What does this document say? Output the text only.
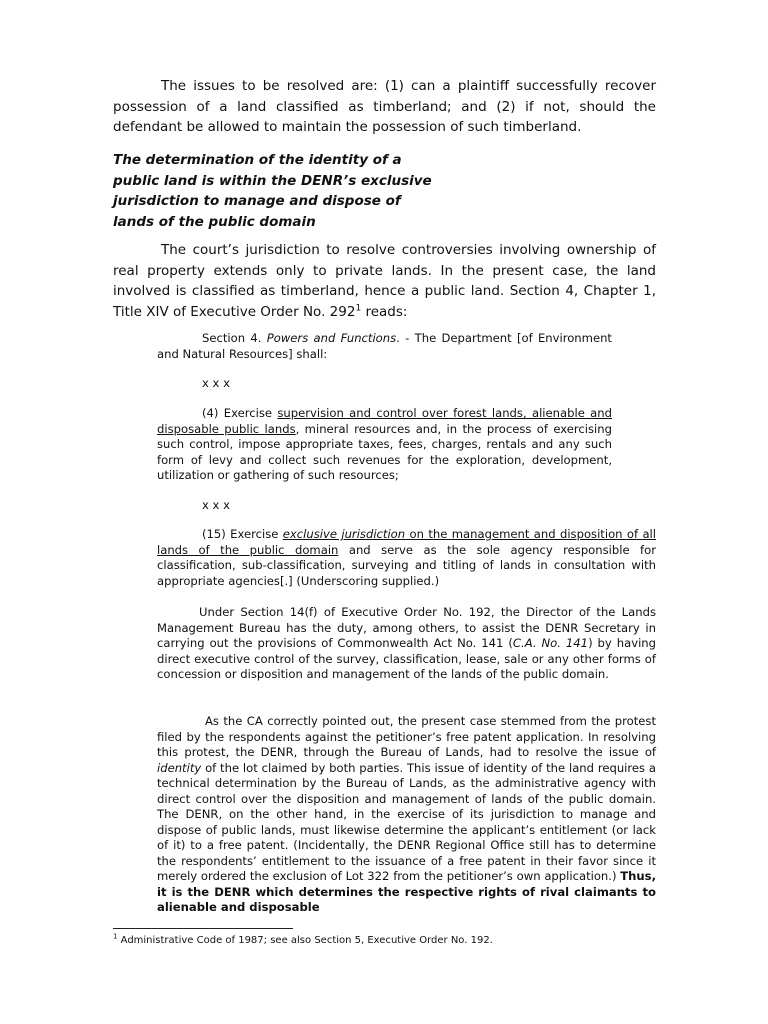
The issues to be resolved are: (1) can a plaintiff successfully recover possession of a land classified as timberland; and (2) if not, should the defendant be allowed to maintain the possession of such timberland.

The determination of the identity of a public land is within the DENR’s exclusive jurisdiction to manage and dispose of lands of the public domain

The court’s jurisdiction to resolve controversies involving ownership of real property extends only to private lands. In the present case, the land involved is classified as timberland, hence a public land. Section 4, Chapter 1, Title XIV of Executive Order No. $292^1$ reads:

Section 4. Powers and Functions. - The Department [of Environment and Natural Resources] shall:

x x x

(4) Exercise supervision and control over forest lands, alienable and disposable public lands, mineral resources and, in the process of exercising such control, impose appropriate taxes, fees, charges, rentals and any such form of levy and collect such revenues for the exploration, development, utilization or gathering of such resources;

x x x

(15) Exercise exclusive jurisdiction on the management and disposition of all lands of the public domain and serve as the sole agency responsible for classification, sub-classification, surveying and titling of lands in consultation with appropriate agencies[.] (Underscoring supplied.)

Under Section 14(f) of Executive Order No. 192, the Director of the Lands Management Bureau has the duty, among others, to assist the DENR Secretary in carrying out the provisions of Commonwealth Act No. 141 (C.A. No. 141) by having direct executive control of the survey, classification, lease, sale or any other forms of concession or disposition and management of the lands of the public domain.

As the CA correctly pointed out, the present case stemmed from the protest filed by the respondents against the petitioner’s free patent application. In resolving this protest, the DENR, through the Bureau of Lands, had to resolve the issue of identity of the lot claimed by both parties. This issue of identity of the land requires a technical determination by the Bureau of Lands, as the administrative agency with direct control over the disposition and management of lands of the public domain. The DENR, on the other hand, in the exercise of its jurisdiction to manage and dispose of public lands, must likewise determine the applicant’s entitlement (or lack of it) to a free patent. (Incidentally, the DENR Regional Office still has to determine the respondents’ entitlement to the issuance of a free patent in their favor since it merely ordered the exclusion of Lot 322 from the petitioner’s own application.) Thus, it is the DENR which determines the respective rights of rival claimants to alienable and disposable

$^1$ Administrative Code of 1987; see also Section 5, Executive Order No. 192.
